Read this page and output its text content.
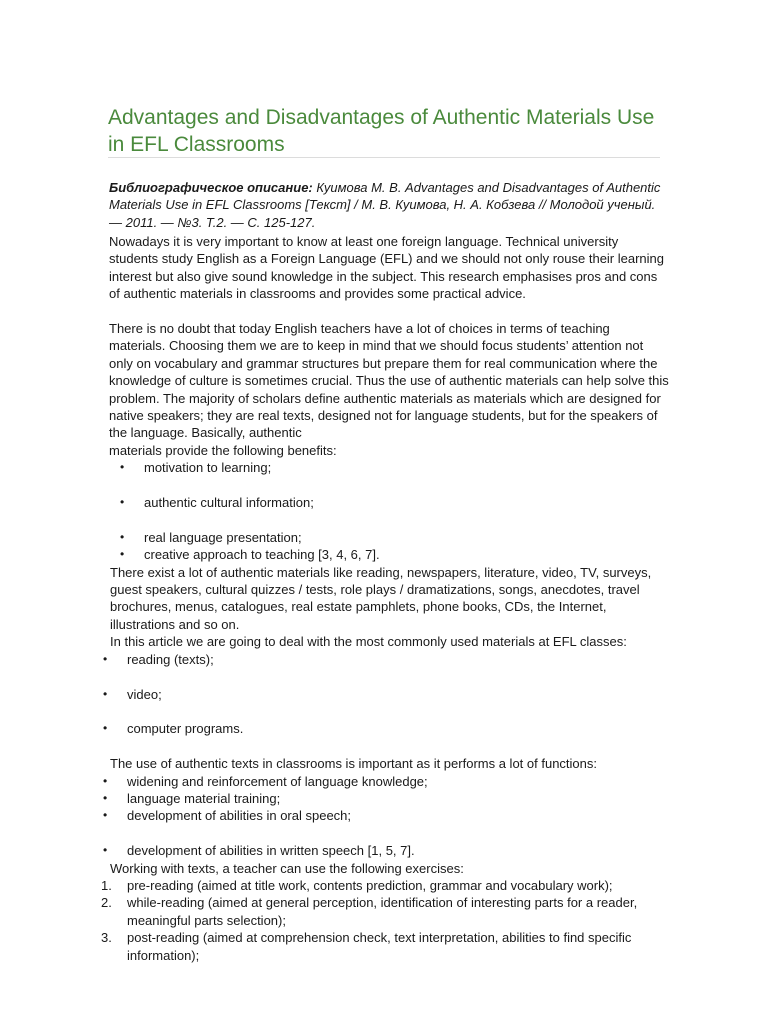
Advantages and Disadvantages of Authentic Materials Use in EFL Classrooms
Библиографическое описание: Куимова М. В. Advantages and Disadvantages of Authentic Materials Use in EFL Classrooms [Текст] / М. В. Куимова, Н. А. Кобзева // Молодой ученый. — 2011. — №3. Т.2. — С. 125-127.

Nowadays it is very important to know at least one foreign language. Technical university students study English as a Foreign Language (EFL) and we should not only rouse their learning interest but also give sound knowledge in the subject. This research emphasises pros and cons of authentic materials in classrooms and provides some practical advice.

There is no doubt that today English teachers have a lot of choices in terms of teaching materials. Choosing them we are to keep in mind that we should focus students’ attention not only on vocabulary and grammar structures but prepare them for real communication where the knowledge of culture is sometimes crucial. Thus the use of authentic materials can help solve this problem. The majority of scholars define authentic materials as materials which are designed for native speakers; they are real texts, designed not for language students, but for the speakers of the language. Basically, authentic

materials provide the following benefits:

• motivation to learning;
• authentic cultural information;
• real language presentation;
• creative approach to teaching [3, 4, 6, 7].

There exist a lot of authentic materials like reading, newspapers, literature, video, TV, surveys, guest speakers, cultural quizzes / tests, role plays / dramatizations, songs, anecdotes, travel brochures, menus, catalogues, real estate pamphlets, phone books, CDs, the Internet, illustrations and so on.

In this article we are going to deal with the most commonly used materials at EFL classes:

• reading (texts);
• video;
• computer programs.

The use of authentic texts in classrooms is important as it performs a lot of functions:

• widening and reinforcement of language knowledge;
• language material training;
• development of abilities in oral speech;
• development of abilities in written speech [1, 5, 7].

Working with texts, a teacher can use the following exercises:

1. pre-reading (aimed at title work, contents prediction, grammar and vocabulary work);
2. while-reading (aimed at general perception, identification of interesting parts for a reader, meaningful parts selection);
3. post-reading (aimed at comprehension check, text interpretation, abilities to find specific information);
